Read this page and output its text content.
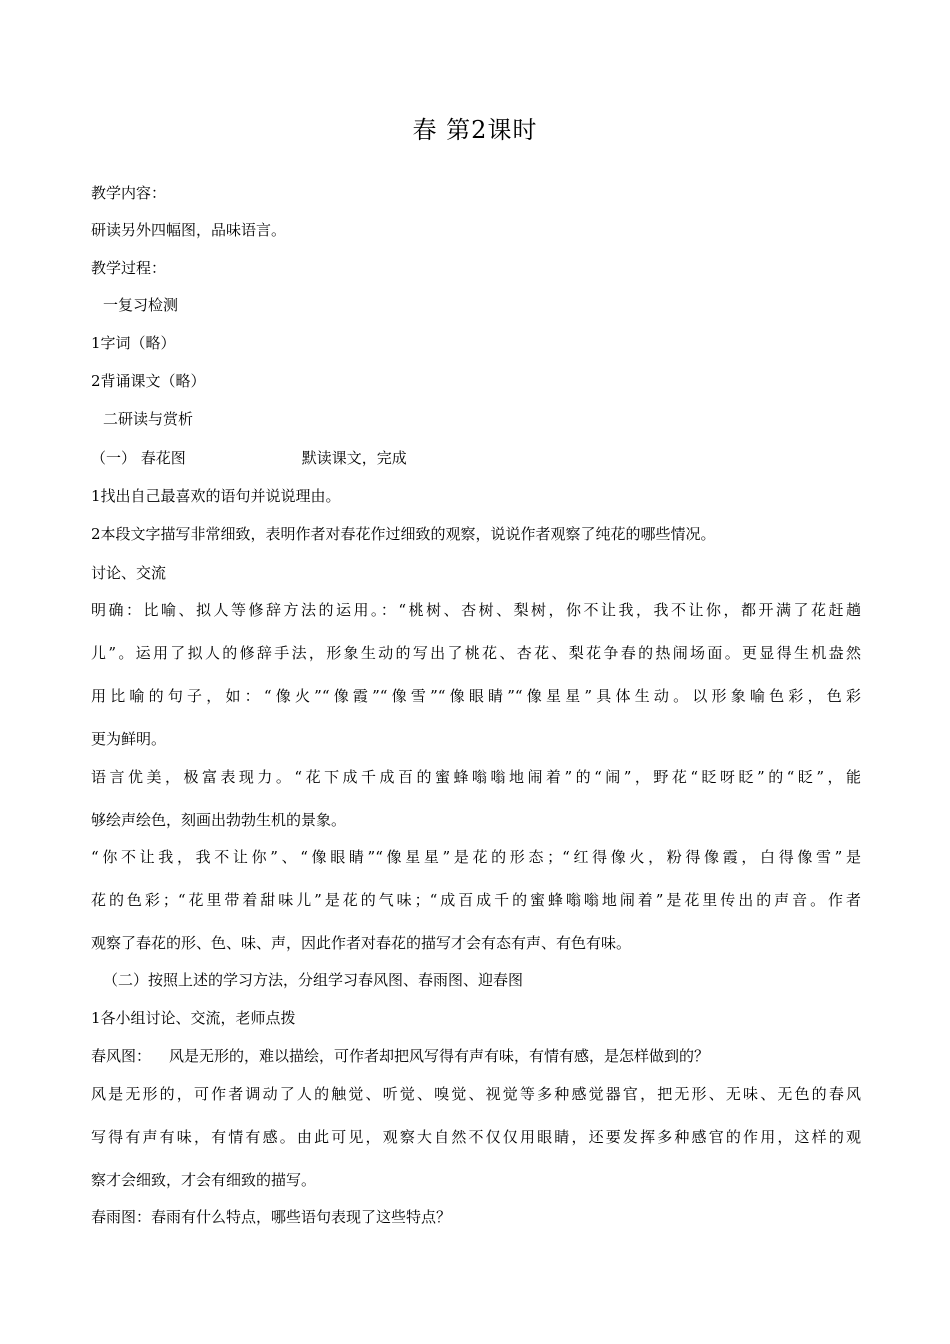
春 第2课时
教学内容：
研读另外四幅图，品味语言。
教学过程：
一复习检测
1字词（略）
2背诵课文（略）
二研读与赏析
（一） 春花图	默读课文，完成
1找出自己最喜欢的语句并说说理由。
2本段文字描写非常细致，表明作者对春花作过细致的观察，说说作者观察了纯花的哪些情况。
讨论、交流
明确：比喻、拟人等修辞方法的运用。：“桃树、杏树、梨树，你不让我，我不让你，都开满了花赶趟
儿”。运用了拟人的修辞手法，形象生动的写出了桃花、杏花、梨花争春的热闹场面。更显得生机盎然
用比喻的句子，如：“像火”“像霞”“像雪”“像眼睛”“像星星”具体生动。以形象喻色彩，色彩
更为鲜明。
语言优美，极富表现力。“花下成千成百的蜜蜂嗡嗡地闹着”的“闹”，野花“眨呀眨”的“眨”，能
够绘声绘色，刻画出勃勃生机的景象。
“你不让我，我不让你”、“像眼睛”“像星星”是花的形态；“红得像火，粉得像霞，白得像雪”是
花的色彩；“花里带着甜味儿”是花的气味；“成百成千的蜜蜂嗡嗡地闹着”是花里传出的声音。作者
观察了春花的形、色、味、声，因此作者对春花的描写才会有态有声、有色有味。
（二）按照上述的学习方法，分组学习春风图、春雨图、迎春图
1各小组讨论、交流，老师点拨
春风图： 风是无形的，难以描绘，可作者却把风写得有声有味，有情有感，是怎样做到的？
风是无形的，可作者调动了人的触觉、听觉、嗅觉、视觉等多种感觉器官，把无形、无味、无色的春风
写得有声有味，有情有感。由此可见，观察大自然不仅仅用眼睛，还要发挥多种感官的作用，这样的观
察才会细致，才会有细致的描写。
春雨图：春雨有什么特点，哪些语句表现了这些特点？
